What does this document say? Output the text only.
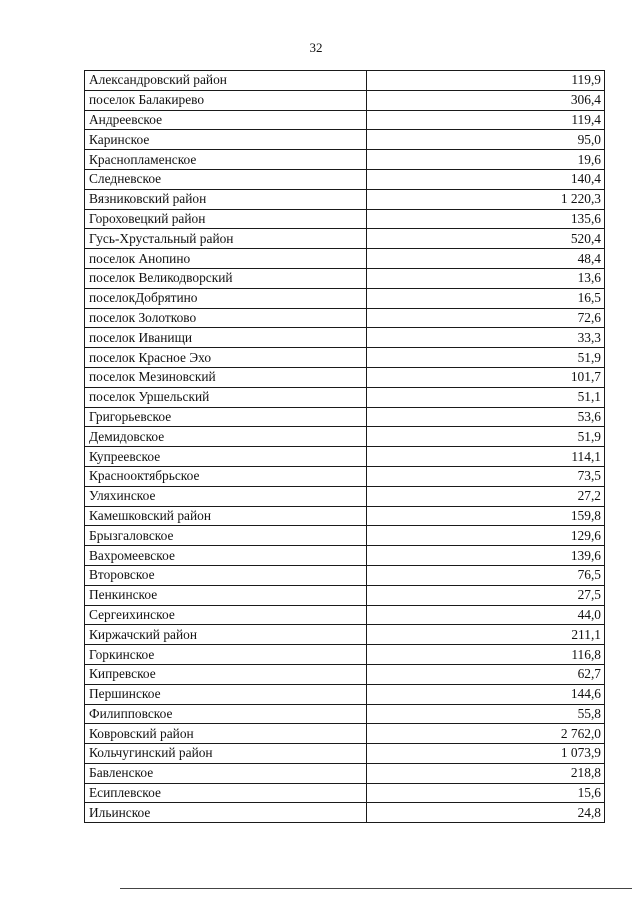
32
Александровский район	119,9
поселок Балакирево	306,4
Андреевское	119,4
Каринское	95,0
Краснопламенское	19,6
Следневское	140,4
Вязниковский район	1 220,3
Гороховецкий район	135,6
Гусь-Хрустальный район	520,4
поселок Анопино	48,4
поселок Великодворский	13,6
поселокДобрятино	16,5
поселок Золотково	72,6
поселок Иванищи	33,3
поселок Красное Эхо	51,9
поселок Мезиновский	101,7
поселок Уршельский	51,1
Григорьевское	53,6
Демидовское	51,9
Купреевское	114,1
Краснооктябрьское	73,5
Уляхинское	27,2
Камешковский район	159,8
Брызгаловское	129,6
Вахромеевское	139,6
Второвское	76,5
Пенкинское	27,5
Сергеихинское	44,0
Киржачский район	211,1
Горкинское	116,8
Кипревское	62,7
Першинское	144,6
Филипповское	55,8
Ковровский район	2 762,0
Кольчугинский район	1 073,9
Бавленское	218,8
Есиплевское	15,6
Ильинское	24,8
